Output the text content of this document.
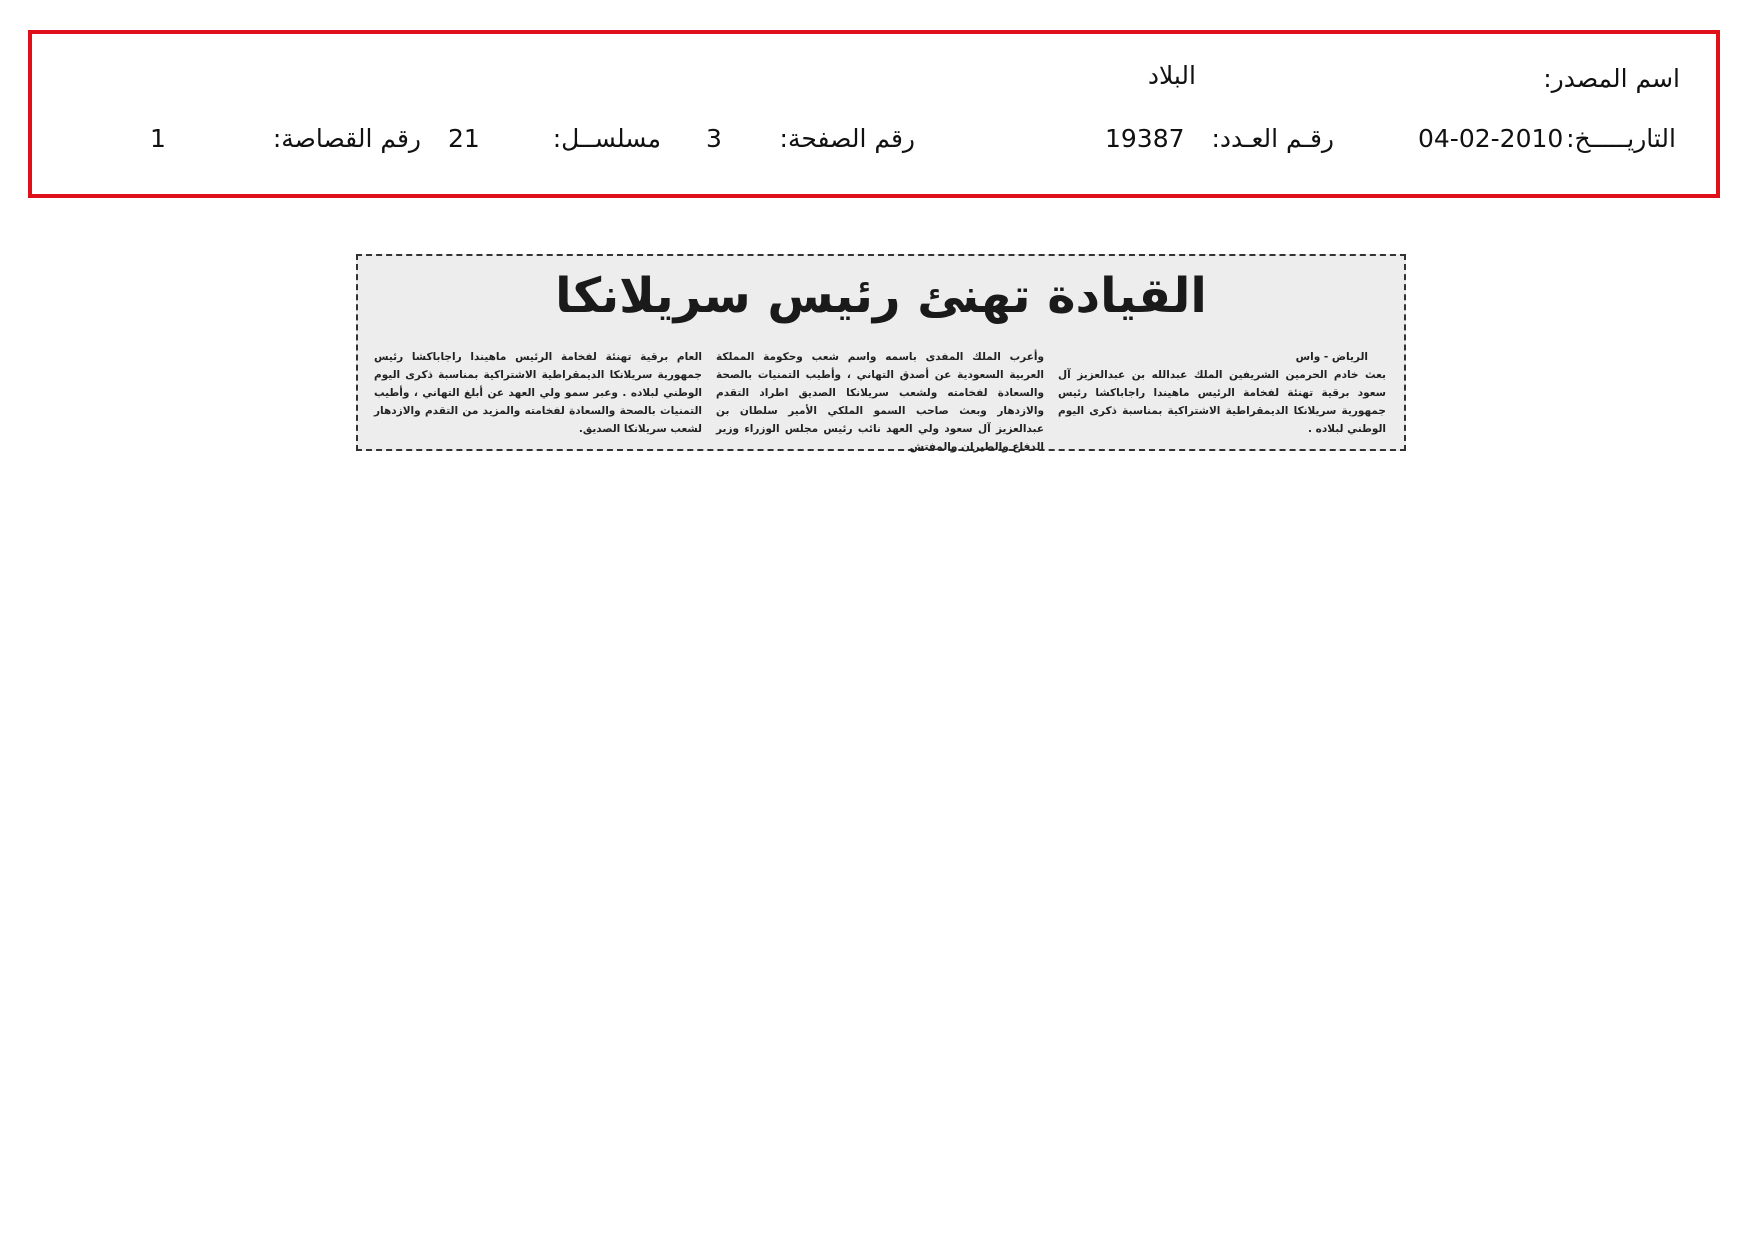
اسم المصدر:
البلاد
التاريـــــخ:
04-02-2010
رقـم العـدد:
19387
رقم الصفحة:
3
مسلســل:
21
رقم القصاصة:
1
القيادة تهنئ رئيس سريلانكا
الرياض - واس

بعث خادم الحرمين الشريفين الملك عبدالله بن عبدالعزيز آل سعود برقية تهنئة لفخامة الرئيس ماهيندا راجاباكشا رئيس جمهورية سريلانكا الديمقراطية الاشتراكية بمناسبة ذكرى اليوم الوطني لبلاده .

وأعرب الملك المفدى باسمه واسم شعب وحكومة المملكة العربية السعودية عن أصدق التهاني ، وأطيب التمنيات بالصحة والسعادة لفخامته ولشعب سريلانكا الصديق اطراد التقدم والازدهار وبعث صاحب السمو الملكي الأمير سلطان بن عبدالعزيز آل سعود ولي العهد نائب رئيس مجلس الوزراء وزير الدفاع والطيران والمفتش

العام برقية تهنئة لفخامة الرئيس ماهيندا راجاباكشا رئيس جمهورية سريلانكا الديمقراطية الاشتراكية بمناسبة ذكرى اليوم الوطني لبلاده . وعبر سمو ولي العهد عن أبلغ التهاني ، وأطيب التمنيات بالصحة والسعادة لفخامته والمزيد من التقدم والازدهار لشعب سريلانكا الصديق.
